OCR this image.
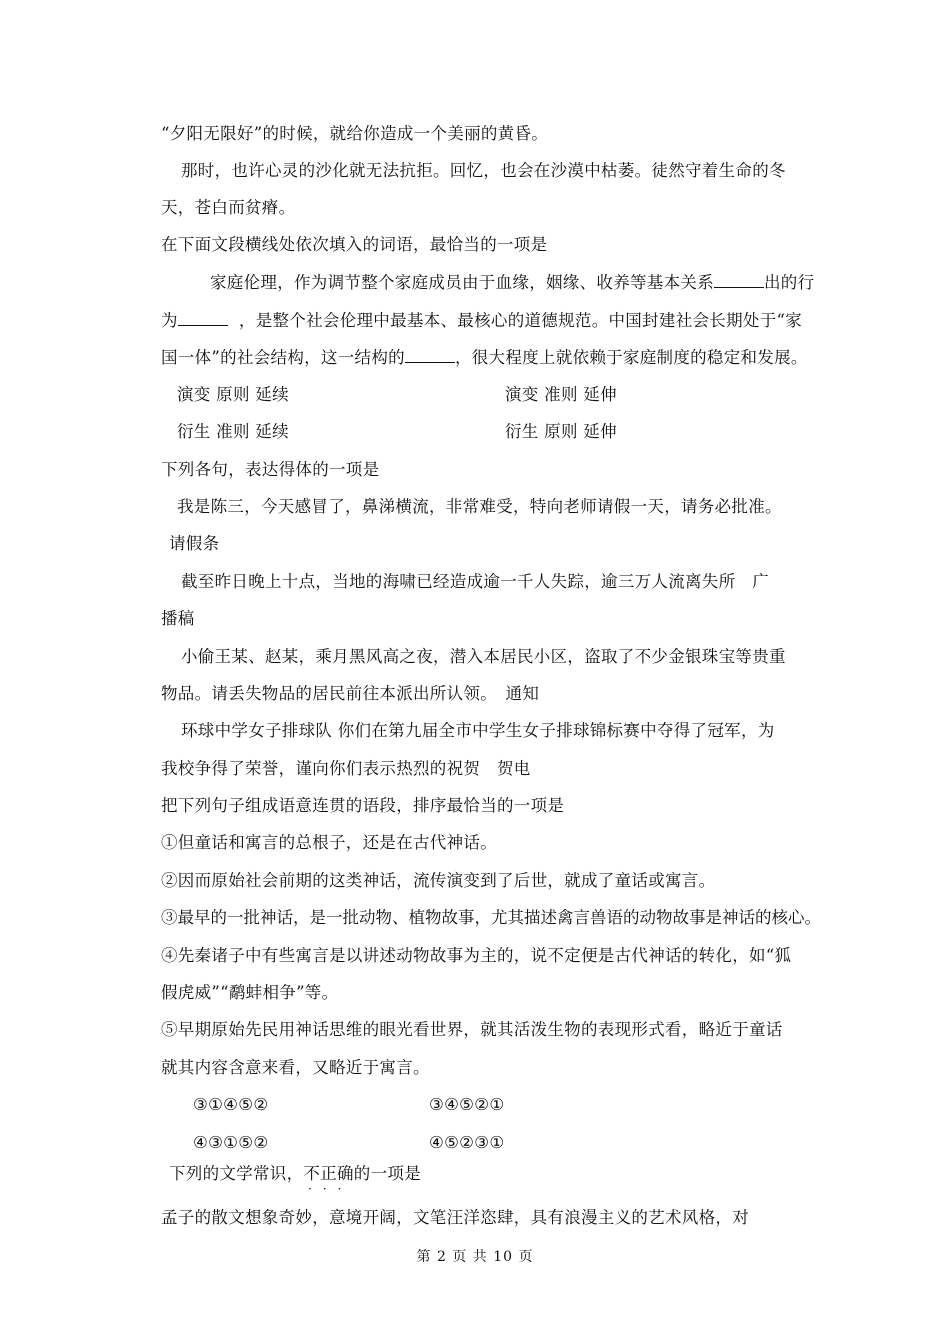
“夕阳无限好”的时候，就给你造成一个美丽的黄昏。
那时，也许心灵的沙化就无法抗拒。回忆，也会在沙漠中枯萎。徒然守着生命的冬
天，苍白而贫瘠。
在下面文段横线处依次填入的词语，最恰当的一项是
家庭伦理，作为调节整个家庭成员由于血缘，姻缘、收养等基本关系	出的行
为	，是整个社会伦理中最基本、最核心的道德规范。中国封建社会长期处于“家
国一体”的社会结构，这一结构的	，很大程度上就依赖于家庭制度的稳定和发展。
演变 原则 延续	演变 准则 延伸
衍生 准则 延续	衍生 原则 延伸
下列各句，表达得体的一项是
我是陈三，今天感冒了，鼻涕横流，非常难受，特向老师请假一天，请务必批准。
请假条
截至昨日晚上十点，当地的海啸已经造成逾一千人失踪，逾三万人流离失所　广
播稿
小偷王某、赵某，乘月黑风高之夜，潜入本居民小区，盗取了不少金银珠宝等贵重
物品。请丢失物品的居民前往本派出所认领。　通知
环球中学女子排球队 你们在第九届全市中学生女子排球锦标赛中夺得了冠军，为
我校争得了荣誉，谨向你们表示热烈的祝贺　贺电
把下列句子组成语意连贯的语段，排序最恰当的一项是
①但童话和寓言的总根子，还是在古代神话。
②因而原始社会前期的这类神话，流传演变到了后世，就成了童话或寓言。
③最早的一批神话，是一批动物、植物故事，尤其描述禽言兽语的动物故事是神话的核心。
④先秦诸子中有些寓言是以讲述动物故事为主的，说不定便是古代神话的转化，如“狐
假虎威”“鹬蚌相争”等。
⑤早期原始先民用神话思维的眼光看世界，就其活泼生物的表现形式看，略近于童话
就其内容含意来看，又略近于寓言。
③①④⑤②	③④⑤②①
④③①⑤②	④⑤②③①
下列的文学常识，不正确的一项是
···
孟子的散文想象奇妙，意境开阔，文笔汪洋恣肆，具有浪漫主义的艺术风格，对
第 2 页 共 10 页
